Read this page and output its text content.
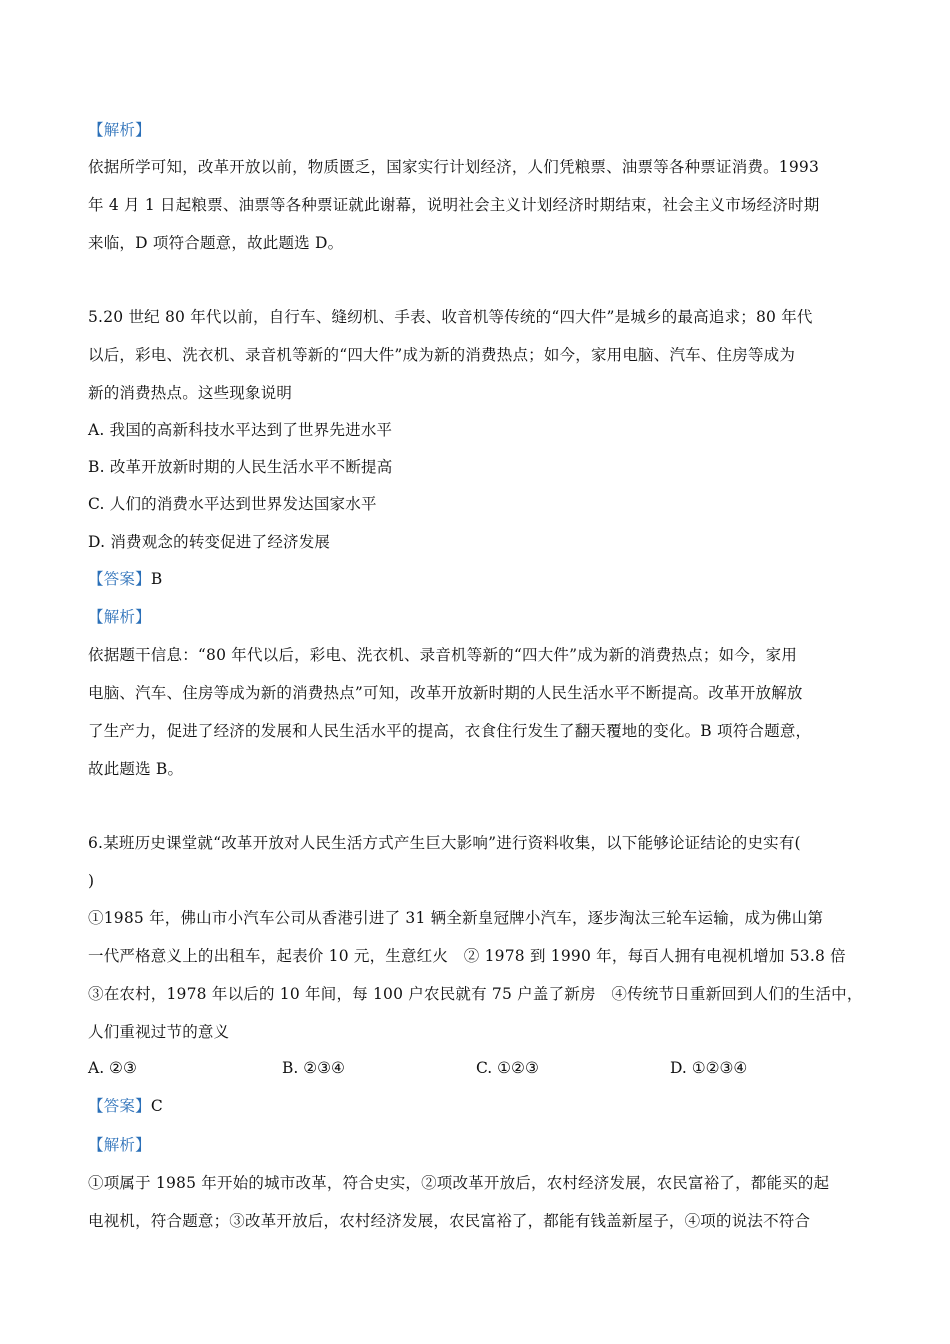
【解析】
依据所学可知，改革开放以前，物质匮乏，国家实行计划经济，人们凭粮票、油票等各种票证消费。1993
年 4 月 1 日起粮票、油票等各种票证就此谢幕，说明社会主义计划经济时期结束，社会主义市场经济时期
来临，D 项符合题意，故此题选 D。
5.20 世纪 80 年代以前，自行车、缝纫机、手表、收音机等传统的“四大件”是城乡的最高追求；80 年代
以后，彩电、洗衣机、录音机等新的“四大件”成为新的消费热点；如今，家用电脑、汽车、住房等成为
新的消费热点。这些现象说明
A. 我国的高新科技水平达到了世界先进水平
B. 改革开放新时期的人民生活水平不断提高
C. 人们的消费水平达到世界发达国家水平
D. 消费观念的转变促进了经济发展
【答案】B
【解析】
依据题干信息：“80 年代以后，彩电、洗衣机、录音机等新的“四大件”成为新的消费热点；如今，家用
电脑、汽车、住房等成为新的消费热点”可知，改革开放新时期的人民生活水平不断提高。改革开放解放
了生产力，促进了经济的发展和人民生活水平的提高，衣食住行发生了翻天覆地的变化。B 项符合题意，
故此题选 B。
6.某班历史课堂就“改革开放对人民生活方式产生巨大影响”进行资料收集，以下能够论证结论的史实有(
)
①1985 年，佛山市小汽车公司从香港引进了 31 辆全新皇冠牌小汽车，逐步淘汰三轮车运输，成为佛山第
一代严格意义上的出租车，起表价 10 元，生意红火　② 1978 到 1990 年，每百人拥有电视机增加 53.8 倍
③在农村，1978 年以后的 10 年间，每 100 户农民就有 75 户盖了新房　④传统节日重新回到人们的生活中，
人们重视过节的意义
A. ②③	B. ②③④	C. ①②③	D. ①②③④
【答案】C
【解析】
①项属于 1985 年开始的城市改革，符合史实，②项改革开放后，农村经济发展，农民富裕了，都能买的起
电视机，符合题意；③改革开放后，农村经济发展，农民富裕了，都能有钱盖新屋子，④项的说法不符合
